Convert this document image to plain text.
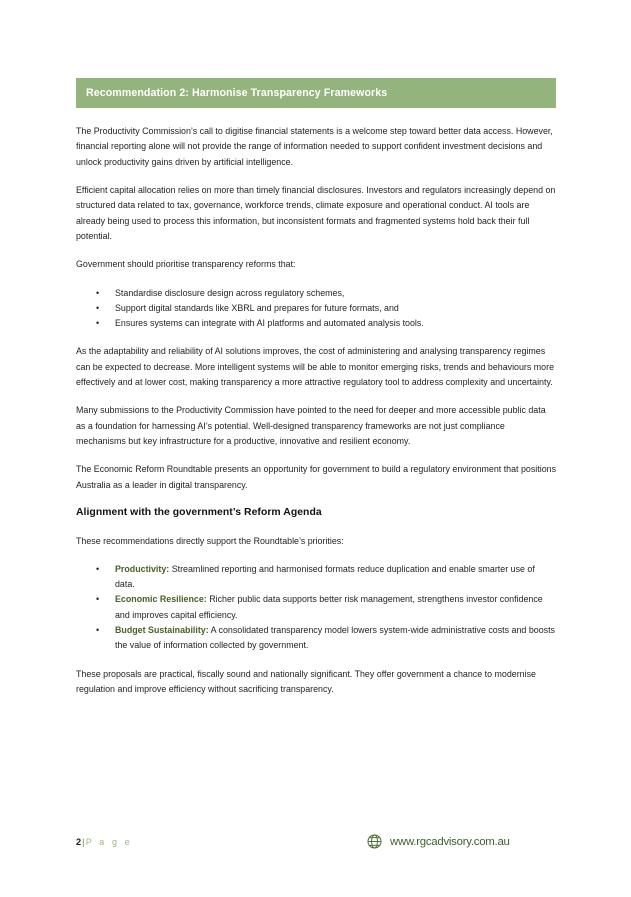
Recommendation 2: Harmonise Transparency Frameworks

The Productivity Commission’s call to digitise financial statements is a welcome step toward better data access. However, financial reporting alone will not provide the range of information needed to support confident investment decisions and unlock productivity gains driven by artificial intelligence.

Efficient capital allocation relies on more than timely financial disclosures. Investors and regulators increasingly depend on structured data related to tax, governance, workforce trends, climate exposure and operational conduct. AI tools are already being used to process this information, but inconsistent formats and fragmented systems hold back their full potential.

Government should prioritise transparency reforms that:

• Standardise disclosure design across regulatory schemes,
• Support digital standards like XBRL and prepares for future formats, and
• Ensures systems can integrate with AI platforms and automated analysis tools.

As the adaptability and reliability of AI solutions improves, the cost of administering and analysing transparency regimes can be expected to decrease. More intelligent systems will be able to monitor emerging risks, trends and behaviours more effectively and at lower cost, making transparency a more attractive regulatory tool to address complexity and uncertainty.

Many submissions to the Productivity Commission have pointed to the need for deeper and more accessible public data as a foundation for harnessing AI’s potential. Well-designed transparency frameworks are not just compliance mechanisms but key infrastructure for a productive, innovative and resilient economy.

The Economic Reform Roundtable presents an opportunity for government to build a regulatory environment that positions Australia as a leader in digital transparency.

Alignment with the government’s Reform Agenda

These recommendations directly support the Roundtable’s priorities:

• Productivity: Streamlined reporting and harmonised formats reduce duplication and enable smarter use of data.
• Economic Resilience: Richer public data supports better risk management, strengthens investor confidence and improves capital efficiency.
• Budget Sustainability: A consolidated transparency model lowers system-wide administrative costs and boosts the value of information collected by government.

These proposals are practical, fiscally sound and nationally significant. They offer government a chance to modernise regulation and improve efficiency without sacrificing transparency.

2|P a g e	www.rgcadvisory.com.au
